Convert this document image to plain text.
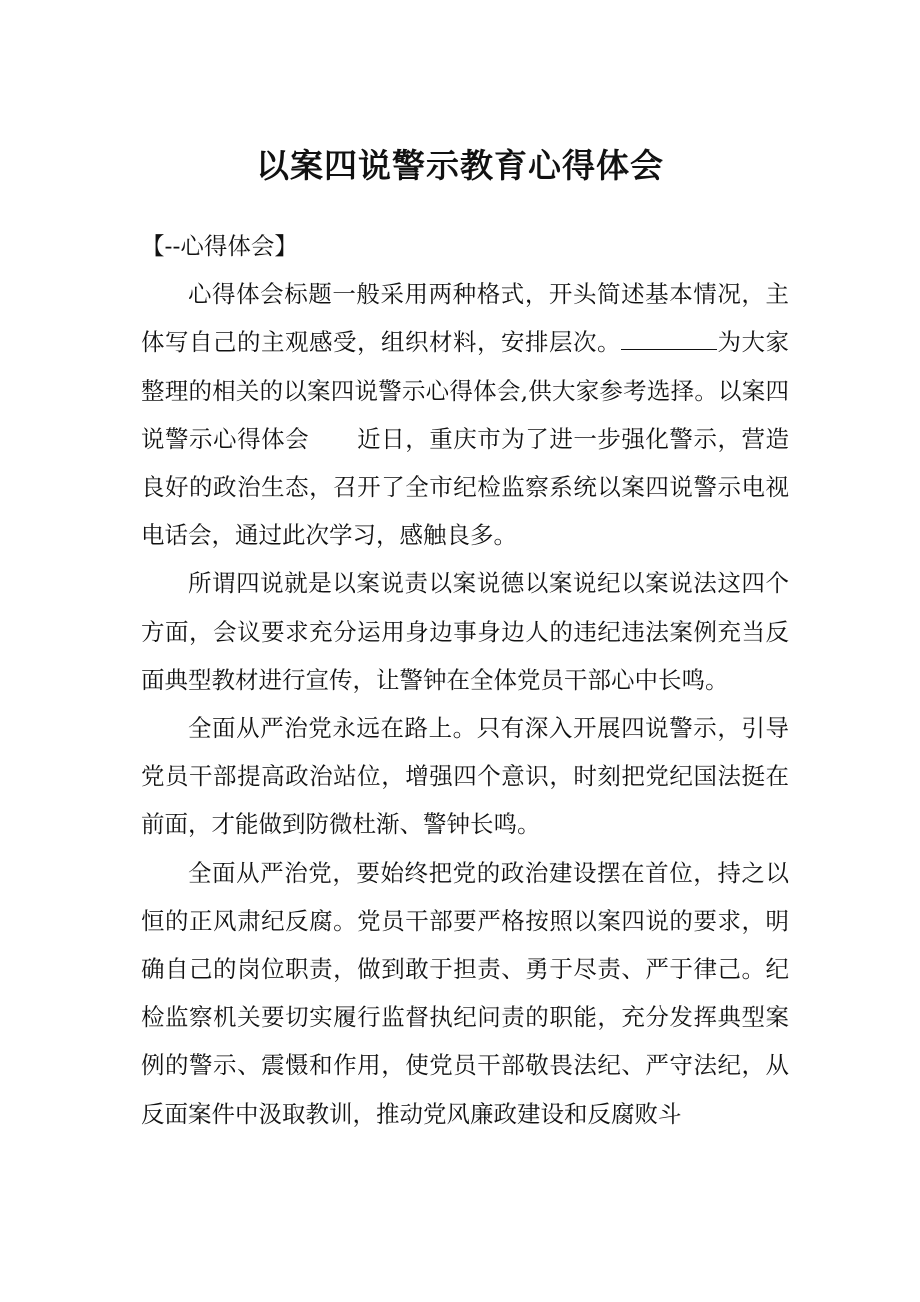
以案四说警示教育心得体会

【--心得体会】

心得体会标题一般采用两种格式，开头简述基本情况，主体写自己的主观感受，组织材料，安排层次。	为大家整理的相关的以案四说警示心得体会,供大家参考选择。以案四说警示心得体会　　近日，重庆市为了进一步强化警示，营造良好的政治生态，召开了全市纪检监察系统以案四说警示电视电话会，通过此次学习，感触良多。

所谓四说就是以案说责以案说德以案说纪以案说法这四个方面，会议要求充分运用身边事身边人的违纪违法案例充当反面典型教材进行宣传，让警钟在全体党员干部心中长鸣。

全面从严治党永远在路上。只有深入开展四说警示，引导党员干部提高政治站位，增强四个意识，时刻把党纪国法挺在前面，才能做到防微杜渐、警钟长鸣。

全面从严治党，要始终把党的政治建设摆在首位，持之以恒的正风肃纪反腐。党员干部要严格按照以案四说的要求，明确自己的岗位职责，做到敢于担责、勇于尽责、严于律己。纪检监察机关要切实履行监督执纪问责的职能，充分发挥典型案例的警示、震慑和作用，使党员干部敬畏法纪、严守法纪，从反面案件中汲取教训，推动党风廉政建设和反腐败斗
